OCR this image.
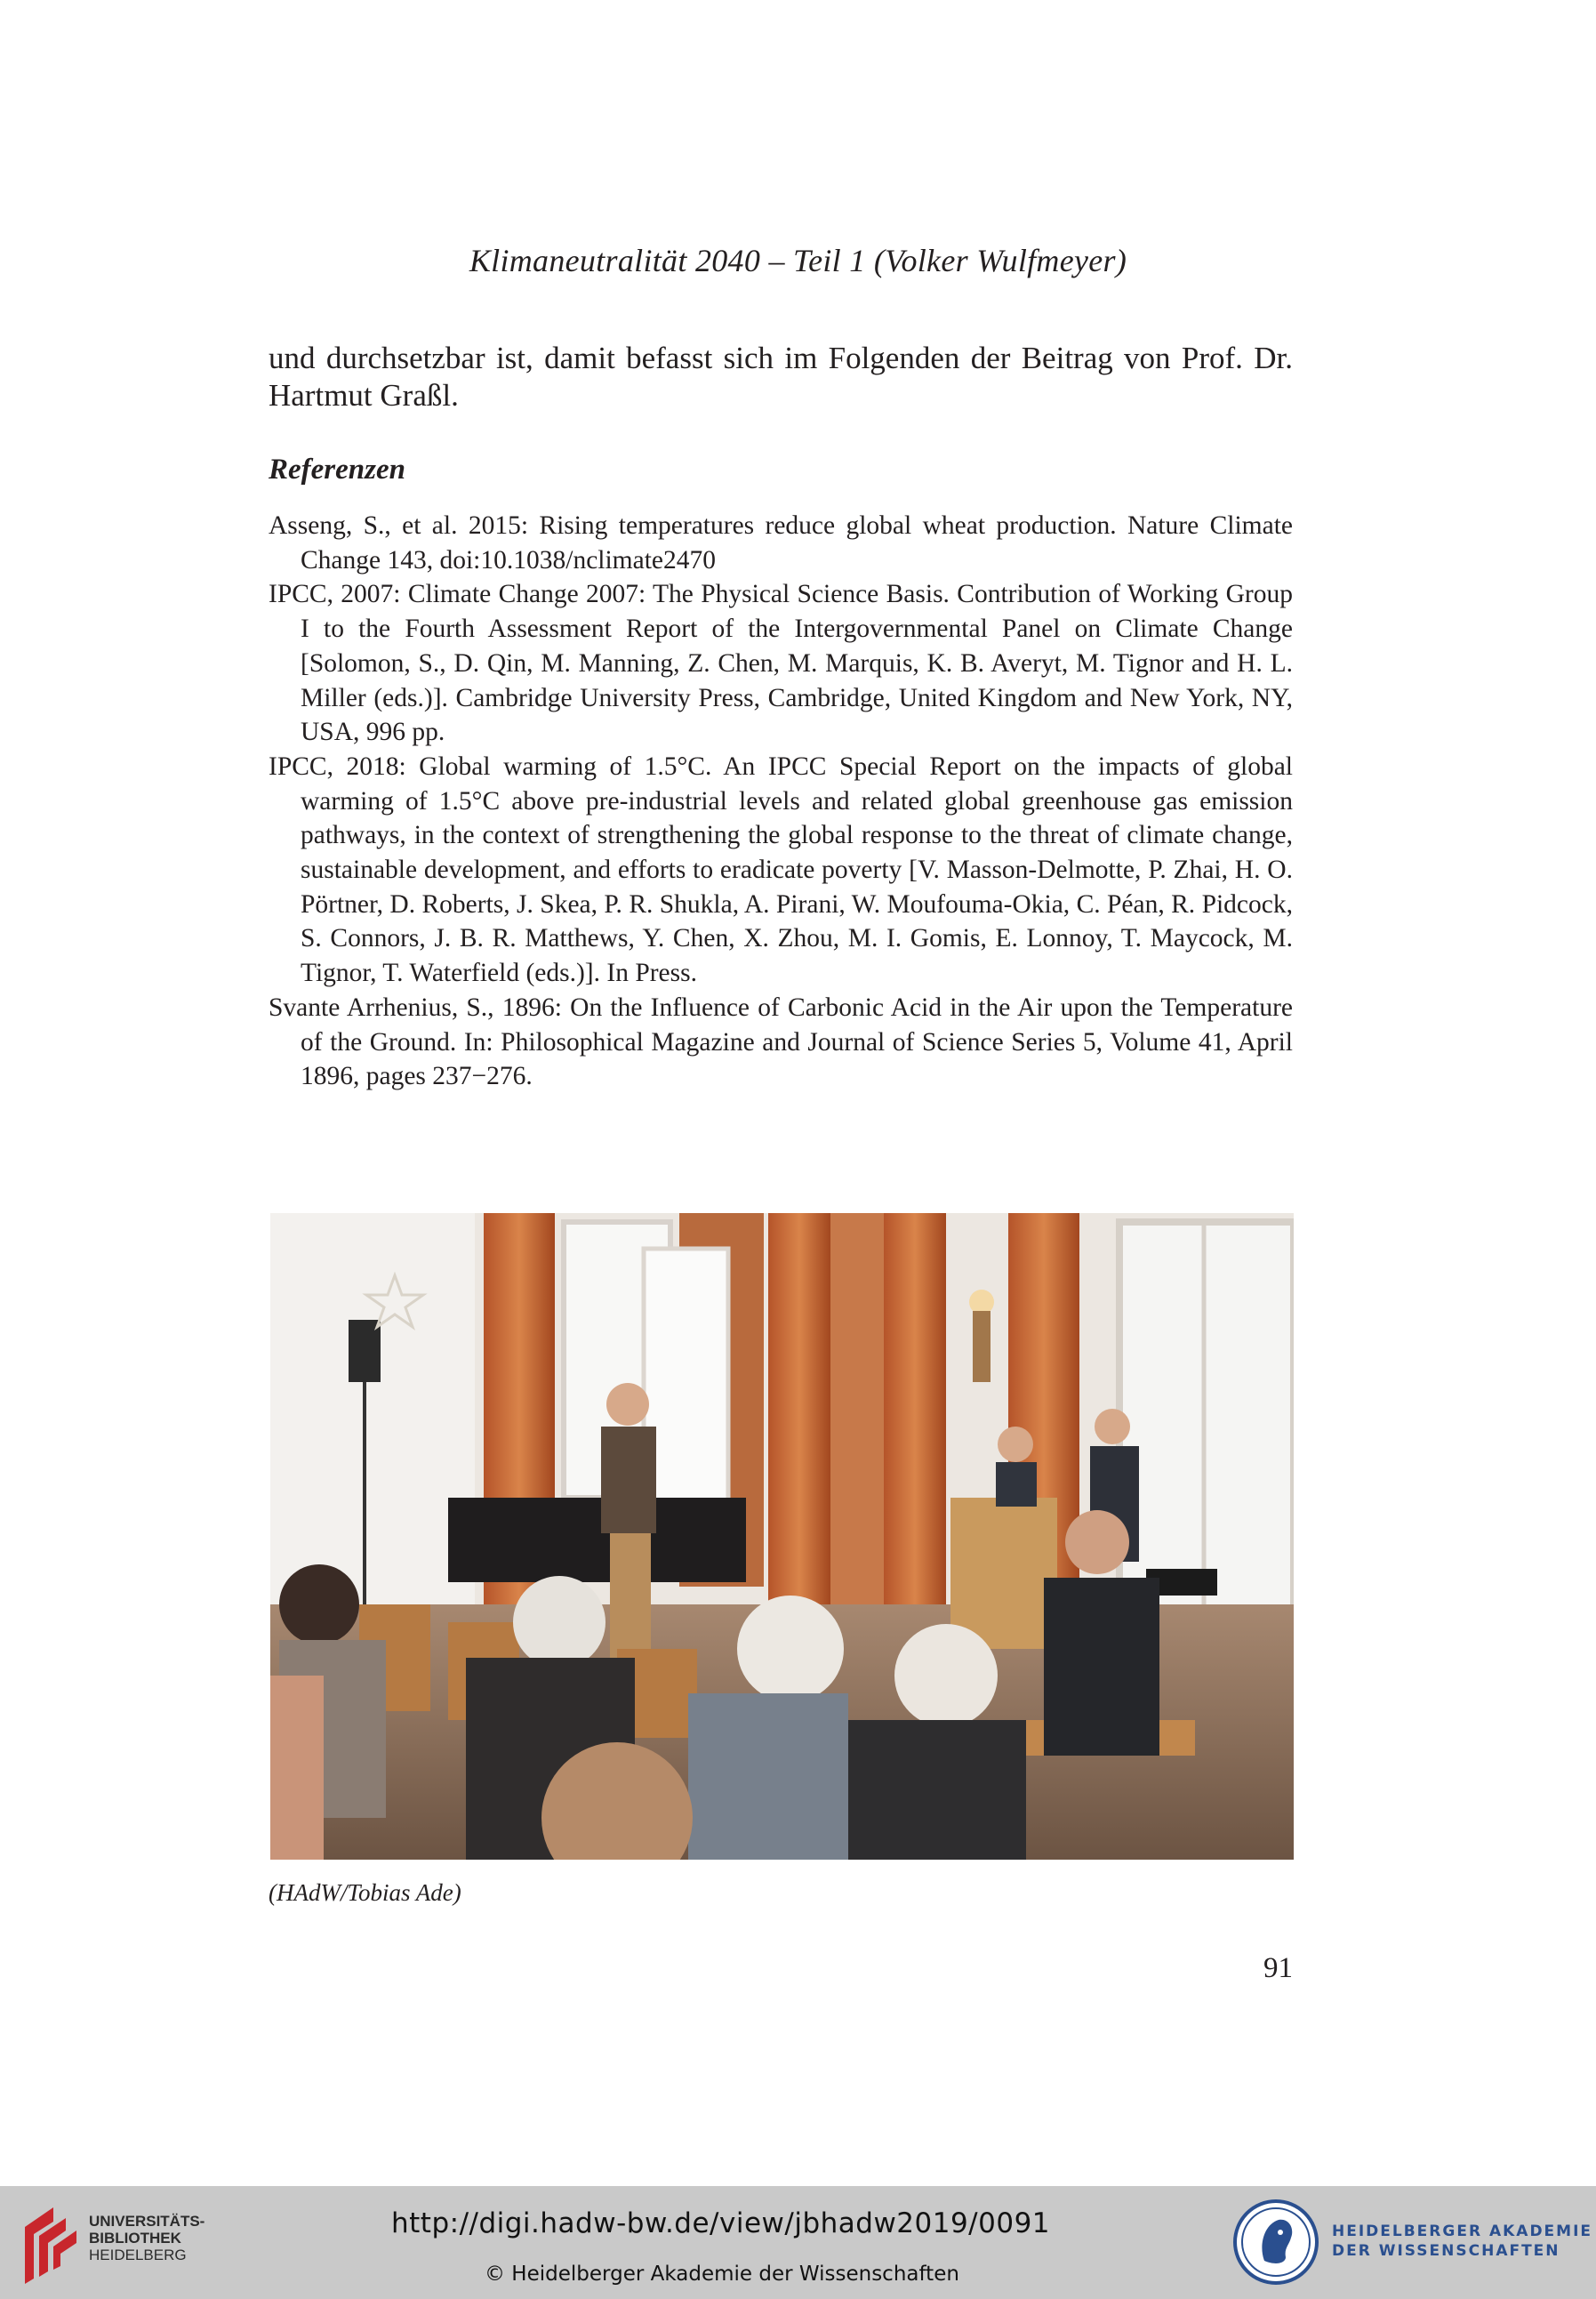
Klimaneutralität 2040 – Teil 1 (Volker Wulfmeyer)

und durchsetzbar ist, damit befasst sich im Folgenden der Beitrag von Prof. Dr. Hartmut Graßl.

Referenzen
Asseng, S., et al. 2015: Rising temperatures reduce global wheat production. Nature Climate Change 143, doi:10.1038/nclimate2470
IPCC, 2007: Climate Change 2007: The Physical Science Basis. Contribution of Working Group I to the Fourth Assessment Report of the Intergovernmental Panel on Climate Change [Solomon, S., D. Qin, M. Manning, Z. Chen, M. Marquis, K. B. Averyt, M. Tignor and H. L. Miller (eds.)]. Cambridge University Press, Cambridge, United Kingdom and New York, NY, USA, 996 pp.
IPCC, 2018: Global warming of 1.5°C. An IPCC Special Report on the impacts of global warming of 1.5°C above pre-industrial levels and related global greenhouse gas emission pathways, in the context of strengthening the global response to the threat of climate change, sustainable development, and efforts to eradicate poverty [V. Masson-Delmotte, P. Zhai, H. O. Pörtner, D. Roberts, J. Skea, P. R. Shukla, A. Pirani, W. Moufouma-Okia, C. Péan, R. Pidcock, S. Connors, J. B. R. Matthews, Y. Chen, X. Zhou, M. I. Gomis, E. Lonnoy, T. Maycock, M. Tignor, T. Waterfield (eds.)]. In Press.
Svante Arrhenius, S., 1896: On the Influence of Carbonic Acid in the Air upon the Temperature of the Ground. In: Philosophical Magazine and Journal of Science Series 5, Volume 41, April 1896, pages 237−276.
(HAdW/Tobias Ade)
91
UNIVERSITÄTS-
BIBLIOTHEK
HEIDELBERG
http://digi.hadw-bw.de/view/jbhadw2019/0091
© Heidelberger Akademie der Wissenschaften
HEIDELBERGER AKADEMIE
DER WISSENSCHAFTEN
